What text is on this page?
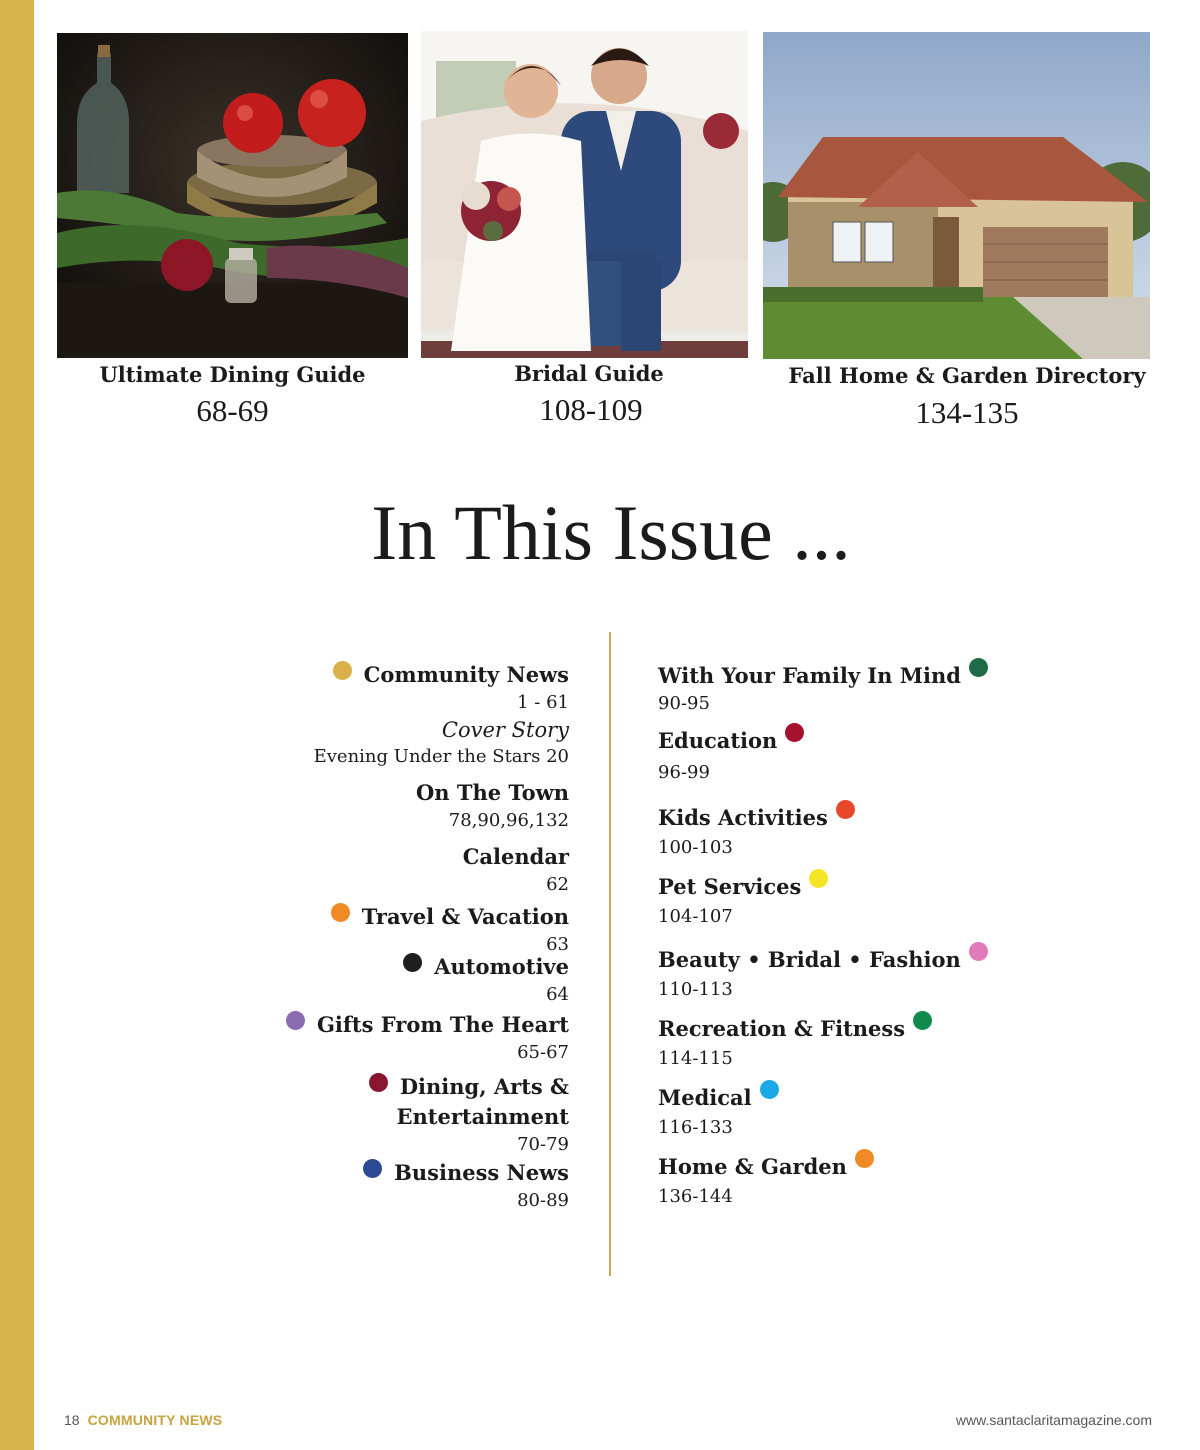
Ultimate Dining Guide
68-69
Bridal Guide
108-109
Fall Home & Garden Directory
134-135
In This Issue ...
Community News
1 - 61
Cover Story
Evening Under the Stars 20
On The Town
78,90,96,132
Calendar
62
Travel & Vacation
63
Automotive
64
Gifts From The Heart
65-67
Dining, Arts &
Entertainment
70-79
Business News
80-89
With Your Family In Mind
90-95
Education
96-99
Kids Activities
100-103
Pet Services
104-107
Beauty • Bridal • Fashion
110-113
Recreation & Fitness
114-115
Medical
116-133
Home & Garden
136-144
18 COMMUNITY NEWS	www.santaclaritamagazine.com
